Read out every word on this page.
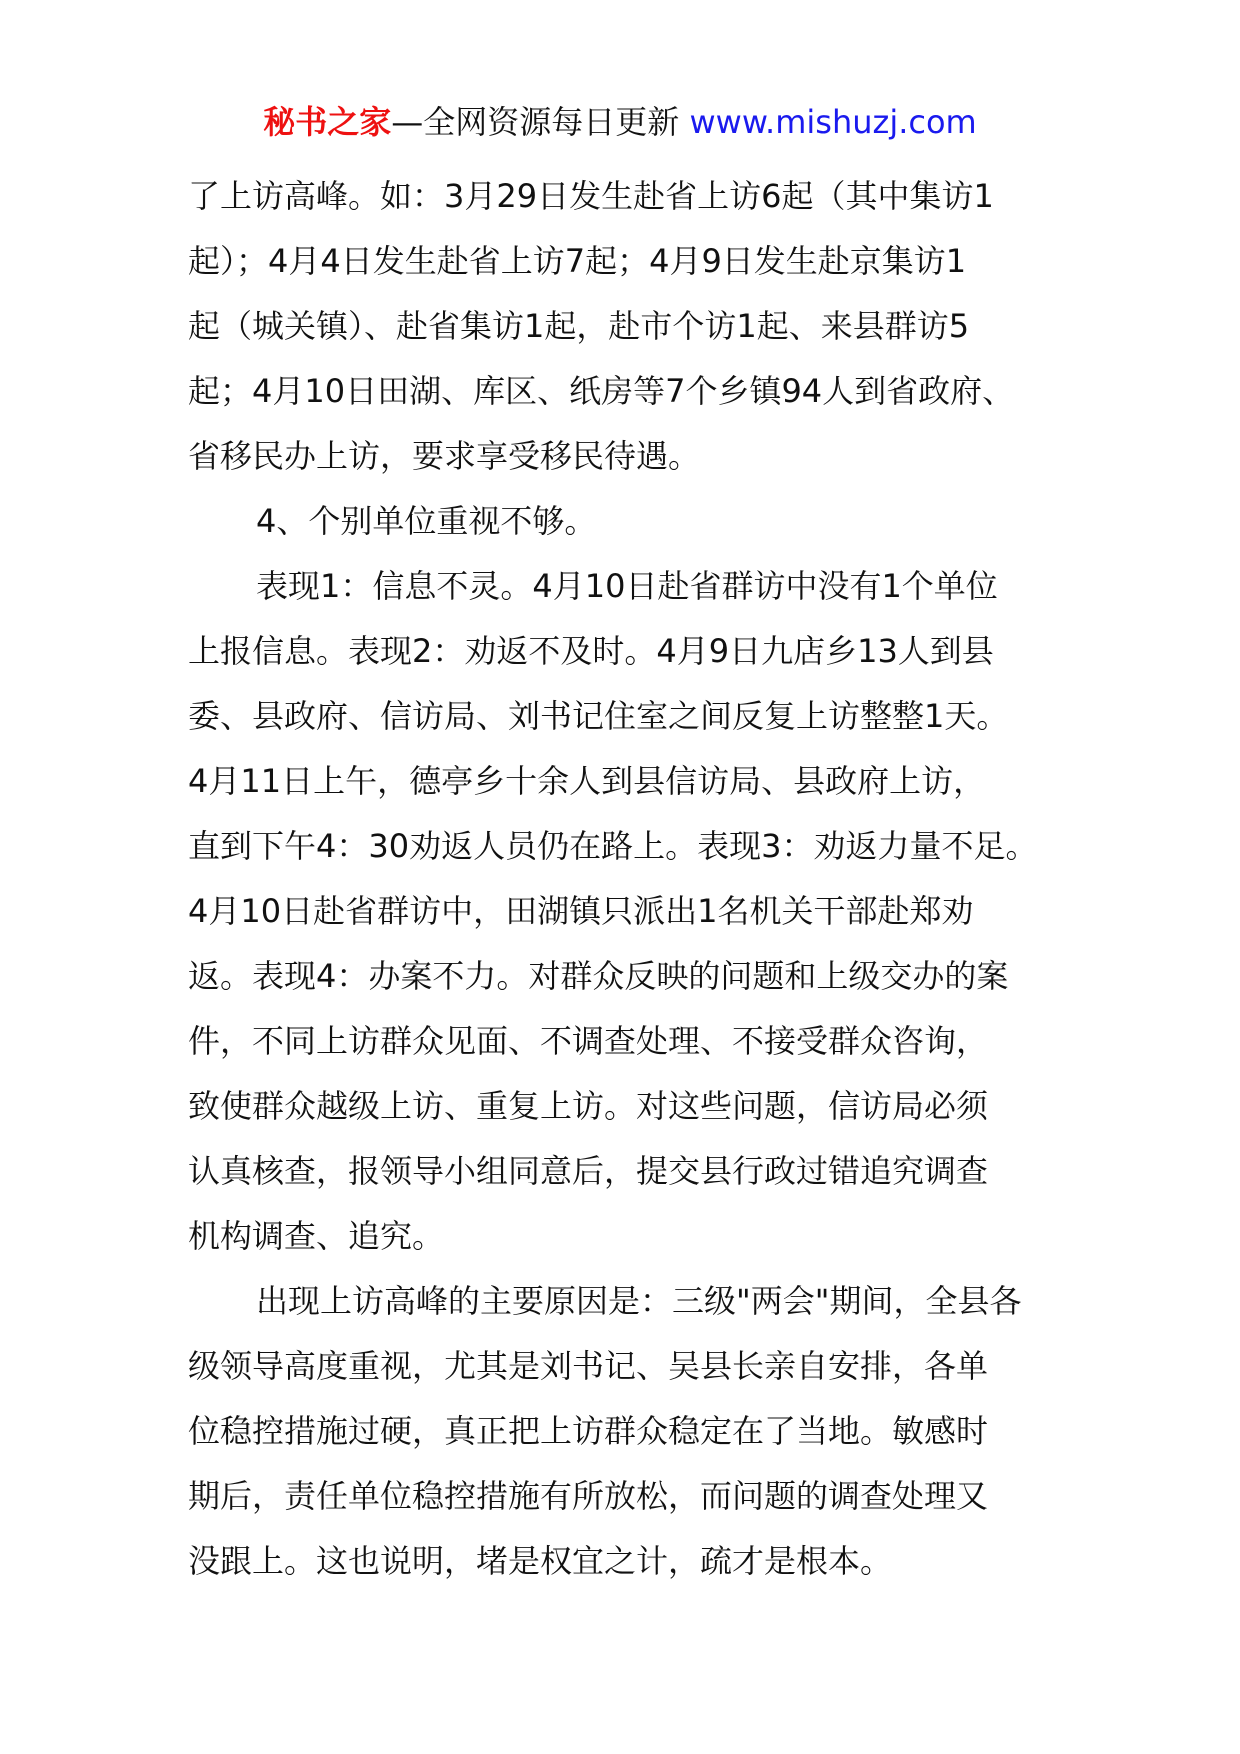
秘书之家—全网资源每日更新 www.mishuzj.com
了上访高峰。如：3月29日发生赴省上访6起（其中集访1
起）；4月4日发生赴省上访7起；4月9日发生赴京集访1
起（城关镇）、赴省集访1起，赴市个访1起、来县群访5
起；4月10日田湖、库区、纸房等7个乡镇94人到省政府、
省移民办上访，要求享受移民待遇。
4、个别单位重视不够。
表现1：信息不灵。4月10日赴省群访中没有1个单位
上报信息。表现2：劝返不及时。4月9日九店乡13人到县
委、县政府、信访局、刘书记住室之间反复上访整整1天。
4月11日上午，德亭乡十余人到县信访局、县政府上访，
直到下午4：30劝返人员仍在路上。表现3：劝返力量不足。
4月10日赴省群访中，田湖镇只派出1名机关干部赴郑劝
返。表现4：办案不力。对群众反映的问题和上级交办的案
件，不同上访群众见面、不调查处理、不接受群众咨询，
致使群众越级上访、重复上访。对这些问题，信访局必须
认真核查，报领导小组同意后，提交县行政过错追究调查
机构调查、追究。
出现上访高峰的主要原因是：三级"两会"期间，全县各
级领导高度重视，尤其是刘书记、吴县长亲自安排，各单
位稳控措施过硬，真正把上访群众稳定在了当地。敏感时
期后，责任单位稳控措施有所放松，而问题的调查处理又
没跟上。这也说明，堵是权宜之计，疏才是根本。
